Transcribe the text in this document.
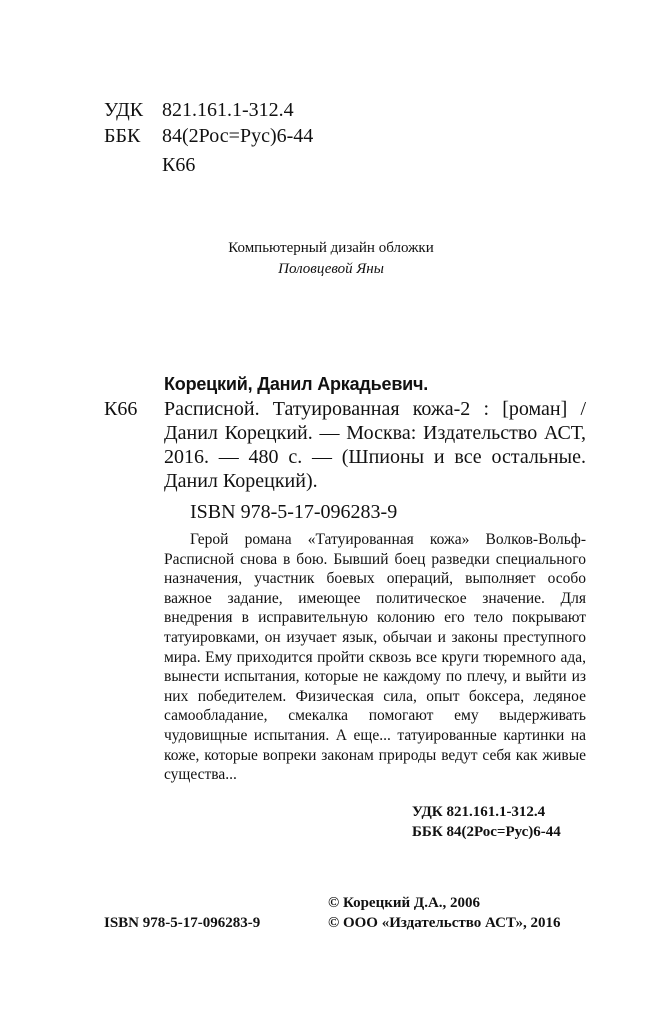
УДК 821.161.1-312.4
ББК 84(2Рос=Рус)6-44
К66
Компьютерный дизайн обложки
Половцевой Яны
Корецкий, Данил Аркадьевич.
К66 Расписной. Татуированная кожа-2 : [роман] /Данил Корецкий. — Москва: Издательство АСТ, 2016. — 480 с. — (Шпионы и все остальные. Данил Корецкий).
ISBN 978-5-17-096283-9

Герой романа «Татуированная кожа» Волков-Вольф-Расписной снова в бою. Бывший боец разведки специального назначения, участник боевых операций, выполняет особо важное задание, имеющее политическое значение. Для внедрения в исправительную колонию его тело покрывают татуировками, он изучает язык, обычаи и законы преступного мира. Ему приходится пройти сквозь все круги тюремного ада, вынести испытания, которые не каждому по плечу, и выйти из них победителем. Физическая сила, опыт боксера, ледяное самообладание, смекалка помогают ему выдерживать чудовищные испытания. А еще... татуированные картинки на коже, которые вопреки законам природы ведут себя как живые существа...

УДК 821.161.1-312.4
ББК 84(2Рос=Рус)6-44
© Корецкий Д.А., 2006
© ООО «Издательство АСТ», 2016
ISBN 978-5-17-096283-9
